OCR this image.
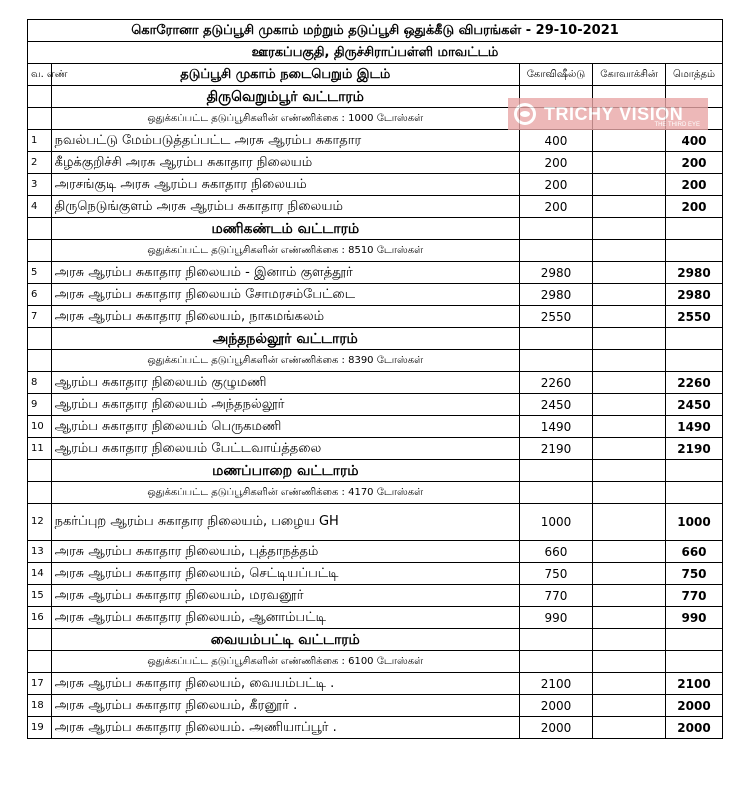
கொரோனா தடுப்பூசி முகாம் மற்றும் தடுப்பூசி ஒதுக்கீடு விபரங்கள் - 29-10-2021				
ஊரகப்பகுதி, திருச்சிராப்பள்ளி மாவட்டம்				
வ. எண்	தடுப்பூசி முகாம் நடைபெறும் இடம்	கோவிஷீல்டு	கோவாக்சின்	மொத்தம்
	திருவெறும்பூர் வட்டாரம்			
	ஒதுக்கப்பட்ட தடுப்பூசிகளின் எண்ணிக்கை : 1000 டோஸ்கள்			
1	நவல்பட்டு மேம்படுத்தப்பட்ட அரசு ஆரம்ப சுகாதார	400		400
2	கீழக்குறிச்சி அரசு ஆரம்ப சுகாதார நிலையம்	200		200
3	அரசங்குடி அரசு ஆரம்ப சுகாதார நிலையம்	200		200
4	திருநெடுங்குளம் அரசு ஆரம்ப சுகாதார நிலையம்	200		200
	மணிகண்டம் வட்டாரம்			
	ஒதுக்கப்பட்ட தடுப்பூசிகளின் எண்ணிக்கை : 8510 டோஸ்கள்			
5	அரசு ஆரம்ப சுகாதார நிலையம் - இனாம் குளத்தூர்	2980		2980
6	அரசு ஆரம்ப சுகாதார நிலையம் சோமரசம்பேட்டை	2980		2980
7	அரசு ஆரம்ப சுகாதார நிலையம், நாகமங்கலம்	2550		2550
	அந்தநல்லூர் வட்டாரம்			
	ஒதுக்கப்பட்ட தடுப்பூசிகளின் எண்ணிக்கை : 8390 டோஸ்கள்			
8	ஆரம்ப சுகாதார நிலையம் குழுமணி	2260		2260
9	ஆரம்ப சுகாதார நிலையம் அந்தநல்லூர்	2450		2450
10	ஆரம்ப சுகாதார நிலையம் பெருகமணி	1490		1490
11	ஆரம்ப சுகாதார நிலையம் பேட்டவாய்த்தலை	2190		2190
	மணப்பாறை வட்டாரம்			
	ஒதுக்கப்பட்ட தடுப்பூசிகளின் எண்ணிக்கை : 4170 டோஸ்கள்			
12	நகர்ப்புற ஆரம்ப சுகாதார நிலையம், பழைய GH	1000		1000
13	அரசு ஆரம்ப சுகாதார நிலையம், புத்தாநத்தம்	660		660
14	அரசு ஆரம்ப சுகாதார நிலையம், செட்டியப்பட்டி	750		750
15	அரசு ஆரம்ப சுகாதார நிலையம், மரவனூர்	770		770
16	அரசு ஆரம்ப சுகாதார நிலையம், ஆனாம்பட்டி	990		990
	வையம்பட்டி வட்டாரம்			
	ஒதுக்கப்பட்ட தடுப்பூசிகளின் எண்ணிக்கை : 6100 டோஸ்கள்			
17	அரசு ஆரம்ப சுகாதார நிலையம், வையம்பட்டி .	2100		2100
18	அரசு ஆரம்ப சுகாதார நிலையம், கீரனூர் .	2000		2000
19	அரசு ஆரம்ப சுகாதார நிலையம். அணியாப்பூர் .	2000		2000
TRICHY VISION
THE THIRD EYE
